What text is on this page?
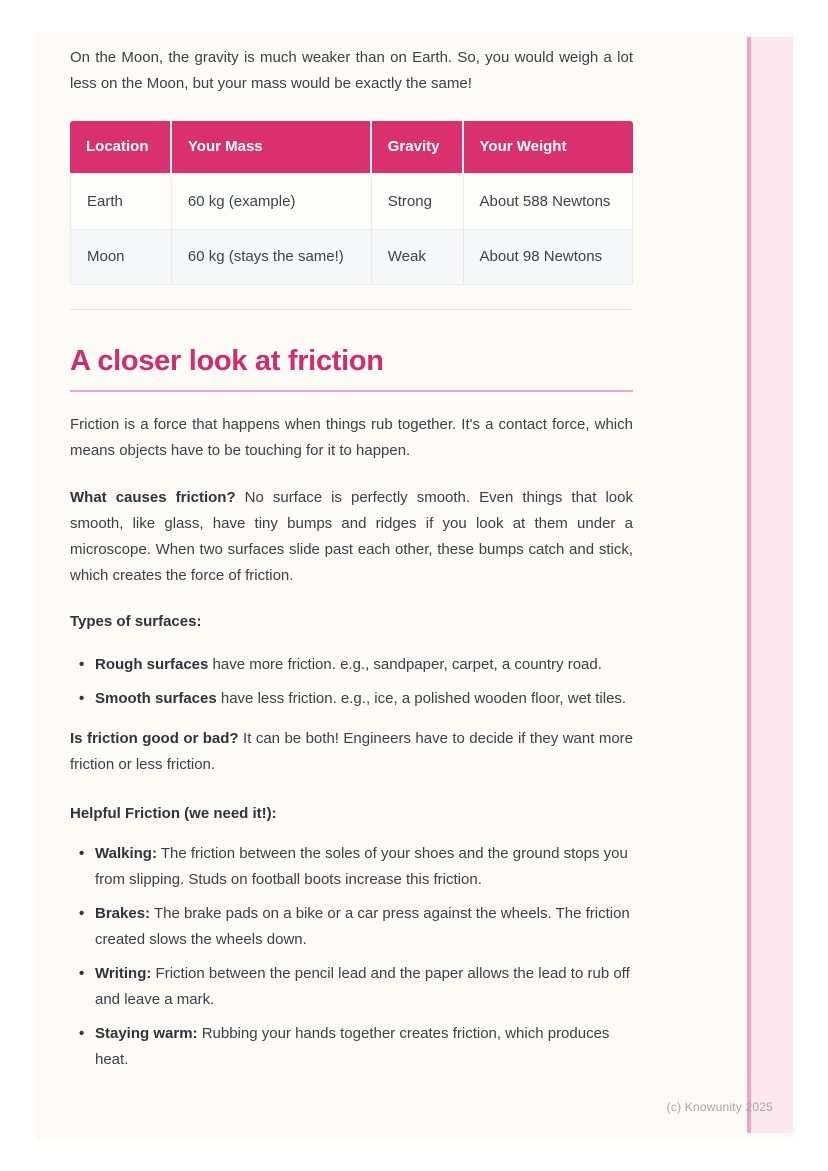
On the Moon, the gravity is much weaker than on Earth. So, you would weigh a lot less on the Moon, but your mass would be exactly the same!

Location	Your Mass	Gravity	Your Weight
Earth	60 kg (example)	Strong	About 588 Newtons
Moon	60 kg (stays the same!)	Weak	About 98 Newtons
A closer look at friction

Friction is a force that happens when things rub together. It's a contact force, which means objects have to be touching for it to happen.

What causes friction? No surface is perfectly smooth. Even things that look smooth, like glass, have tiny bumps and ridges if you look at them under a microscope. When two surfaces slide past each other, these bumps catch and stick, which creates the force of friction.

Types of surfaces:

• Rough surfaces have more friction. e.g., sandpaper, carpet, a country road.
• Smooth surfaces have less friction. e.g., ice, a polished wooden floor, wet tiles.

Is friction good or bad? It can be both! Engineers have to decide if they want more friction or less friction.

Helpful Friction (we need it!):

• Walking: The friction between the soles of your shoes and the ground stops you from slipping. Studs on football boots increase this friction.
• Brakes: The brake pads on a bike or a car press against the wheels. The friction created slows the wheels down.
• Writing: Friction between the pencil lead and the paper allows the lead to rub off and leave a mark.
• Staying warm: Rubbing your hands together creates friction, which produces heat.
(c) Knowunity 2025
